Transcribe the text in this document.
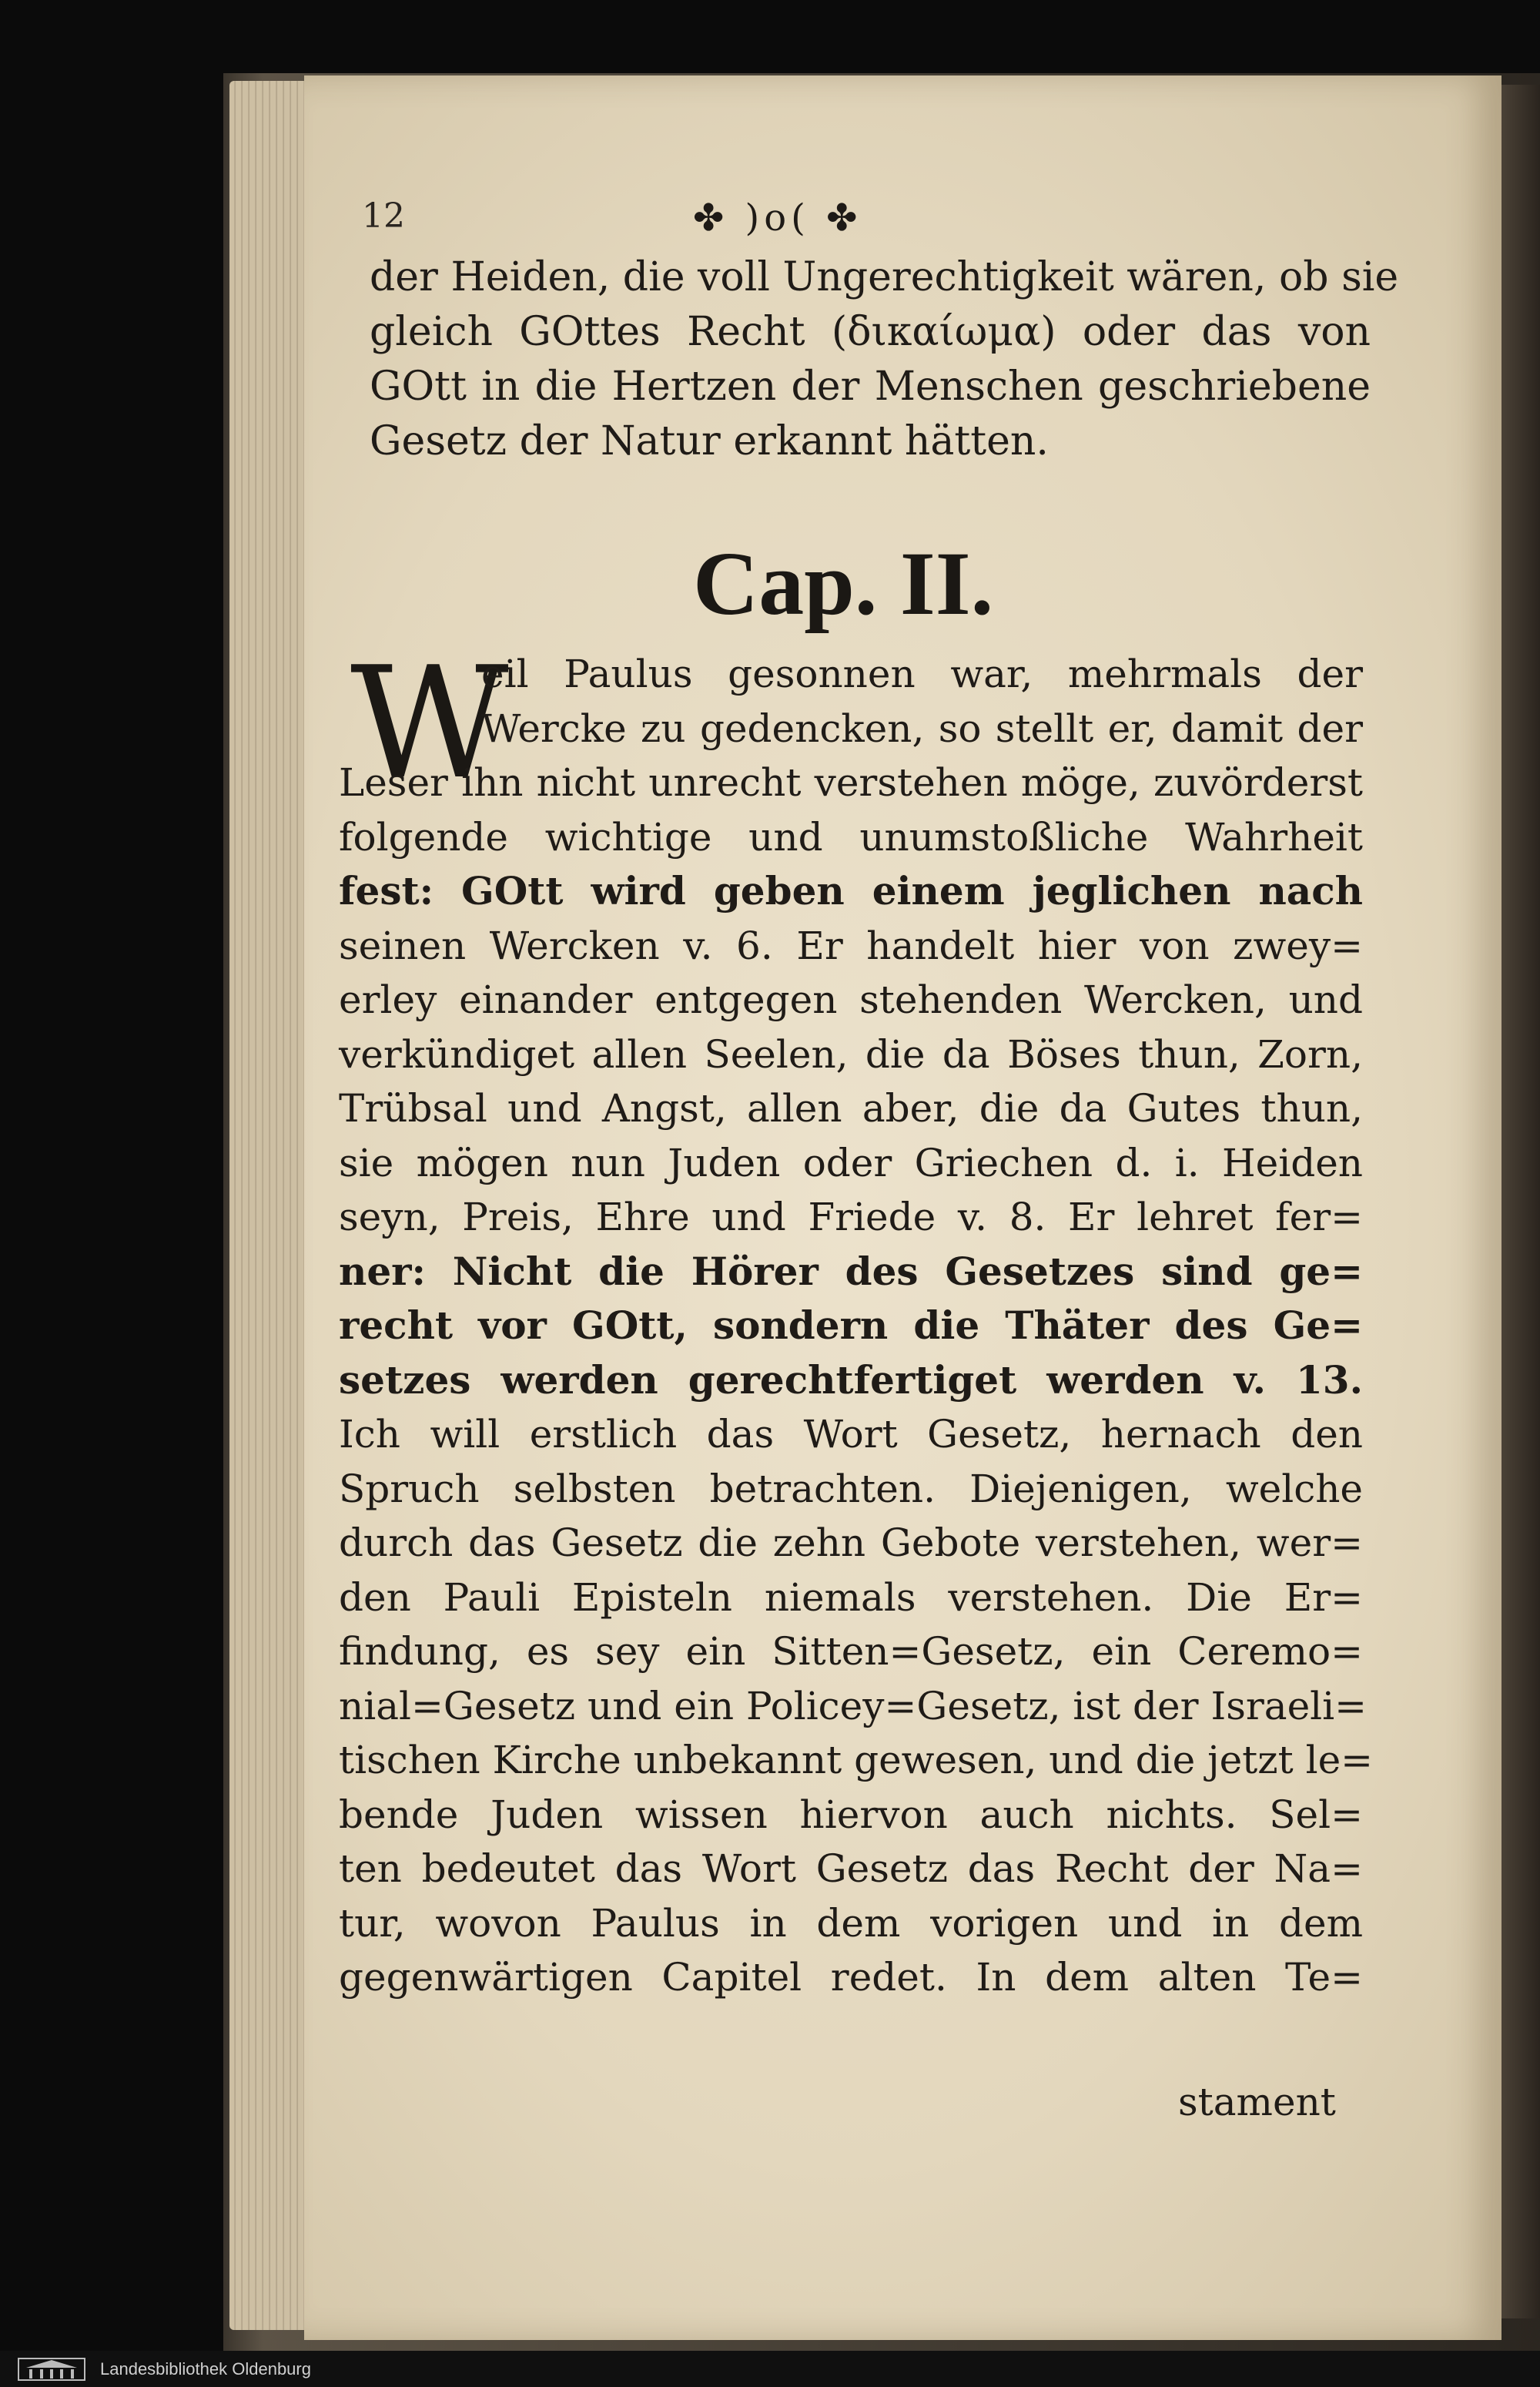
12	✤ )o( ✤
der Heiden, die voll Ungerechtigkeit wären, ob sie
gleich GOttes Recht (δικαίωμα) oder das von
GOtt in die Hertzen der Menschen geschriebene
Gesetz der Natur erkannt hätten.
Cap. II.
W
eil Paulus gesonnen war, mehrmals der
Wercke zu gedencken, so stellt er, damit der
Leser ihn nicht unrecht verstehen möge, zuvörderst
folgende wichtige und unumstoßliche Wahrheit
fest: GOtt wird geben einem jeglichen nach
seinen Wercken v. 6. Er handelt hier von zwey=
erley einander entgegen stehenden Wercken, und
verkündiget allen Seelen, die da Böses thun, Zorn,
Trübsal und Angst, allen aber, die da Gutes thun,
sie mögen nun Juden oder Griechen d. i. Heiden
seyn, Preis, Ehre und Friede v. 8. Er lehret fer=
ner: Nicht die Hörer des Gesetzes sind ge=
recht vor GOtt, sondern die Thäter des Ge=
setzes werden gerechtfertiget werden v. 13.
Ich will erstlich das Wort Gesetz, hernach den
Spruch selbsten betrachten. Diejenigen, welche
durch das Gesetz die zehn Gebote verstehen, wer=
den Pauli Episteln niemals verstehen. Die Er=
findung, es sey ein Sitten=Gesetz, ein Ceremo=
nial=Gesetz und ein Policey=Gesetz, ist der Israeli=
tischen Kirche unbekannt gewesen, und die jetzt le=
bende Juden wissen hiervon auch nichts. Sel=
ten bedeutet das Wort Gesetz das Recht der Na=
tur, wovon Paulus in dem vorigen und in dem
gegenwärtigen Capitel redet. In dem alten Te=
stament
Landesbibliothek Oldenburg
